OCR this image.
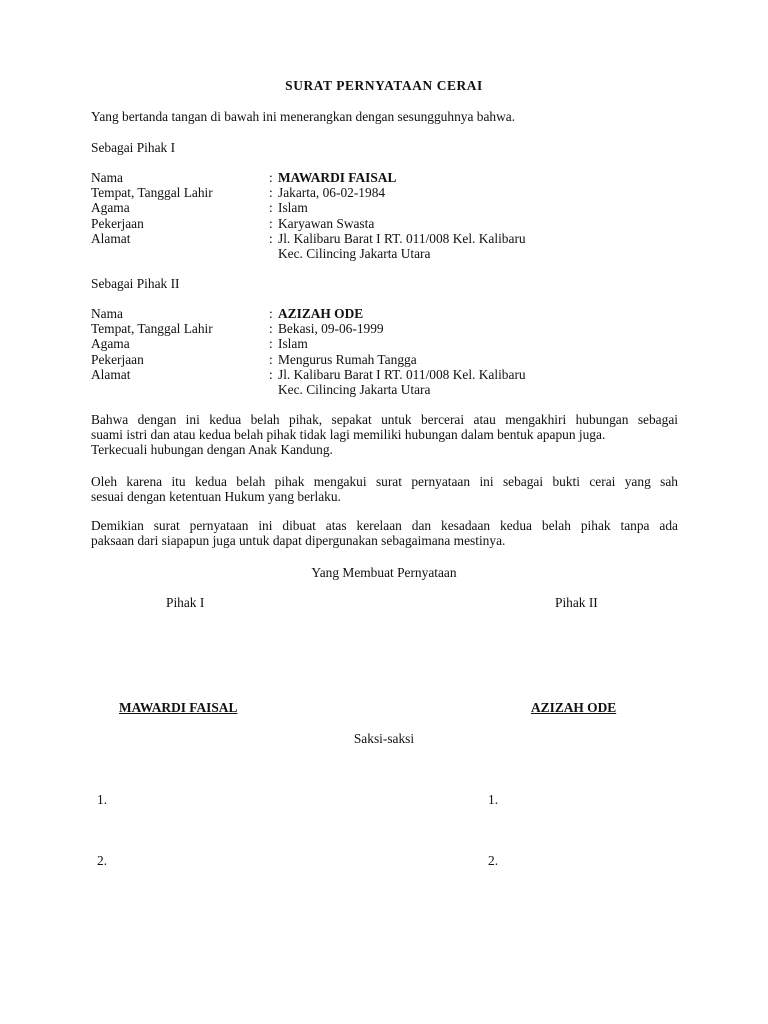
SURAT PERNYATAAN CERAI
Yang bertanda tangan di bawah ini menerangkan dengan sesungguhnya bahwa.
Sebagai Pihak I
Nama	: MAWARDI FAISAL
Tempat, Tanggal Lahir	: Jakarta, 06-02-1984
Agama	: Islam
Pekerjaan	: Karyawan Swasta
Alamat	: Jl. Kalibaru Barat I RT. 011/008 Kel. Kalibaru
Kec. Cilincing Jakarta Utara
Sebagai Pihak II
Nama	: AZIZAH ODE
Tempat, Tanggal Lahir	: Bekasi, 09-06-1999
Agama	: Islam
Pekerjaan	: Mengurus Rumah Tangga
Alamat	: Jl. Kalibaru Barat I RT. 011/008 Kel. Kalibaru
Kec. Cilincing Jakarta Utara
Bahwa dengan ini kedua belah pihak, sepakat untuk bercerai atau mengakhiri hubungan sebagai
suami istri dan atau kedua belah pihak tidak lagi memiliki hubungan dalam bentuk apapun juga.
Terkecuali hubungan dengan Anak Kandung.
Oleh karena itu kedua belah pihak mengakui surat pernyataan ini sebagai bukti cerai yang sah
sesuai dengan ketentuan Hukum yang berlaku.
Demikian surat pernyataan ini dibuat atas kerelaan dan kesadaan kedua belah pihak tanpa ada
paksaan dari siapapun juga untuk dapat dipergunakan sebagaimana mestinya.
Yang Membuat Pernyataan
Pihak I	Pihak II
MAWARDI FAISAL	AZIZAH ODE
Saksi-saksi
1.	1.
2.	2.
